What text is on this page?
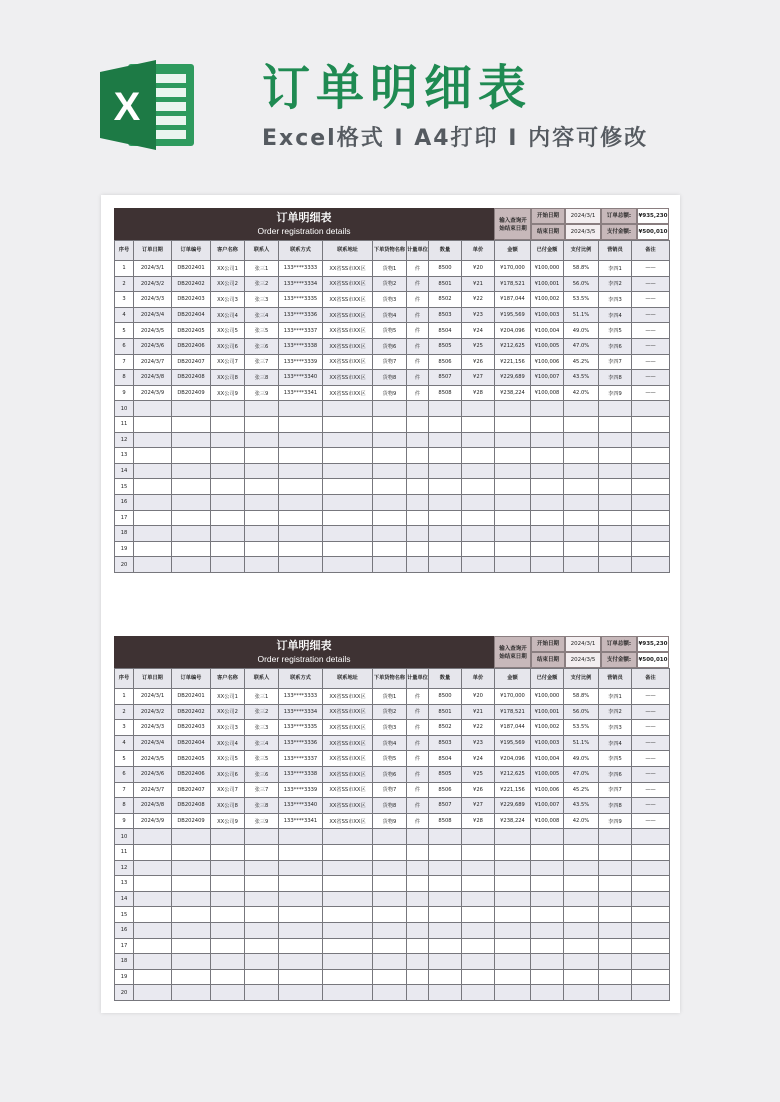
X	订单明细表
Excel格式 I A4打印 I 内容可修改
订单明细表
Order registration details
输入查询开始结束日期
开始日期	2024/3/1	订单总额:	¥935,230
结束日期	2024/3/5	支付金额:	¥500,010
序号	订单日期	订单编号	客户名称	联系人	联系方式	联系地址	下单货物名称	计量单位	数量	单价	金额	已付金额	支付比例	营销员	备注
1	2024/3/1	DB202401	XX公司1	张三1	133****3333	XX省SS市XX区	货物1	件	8500	¥20	¥170,000	¥100,000	58.8%	李四1	——
2	2024/3/2	DB202402	XX公司2	张三2	133****3334	XX省SS市XX区	货物2	件	8501	¥21	¥178,521	¥100,001	56.0%	李四2	——
3	2024/3/3	DB202403	XX公司3	张三3	133****3335	XX省SS市XX区	货物3	件	8502	¥22	¥187,044	¥100,002	53.5%	李四3	——
4	2024/3/4	DB202404	XX公司4	张三4	133****3336	XX省SS市XX区	货物4	件	8503	¥23	¥195,569	¥100,003	51.1%	李四4	——
5	2024/3/5	DB202405	XX公司5	张三5	133****3337	XX省SS市XX区	货物5	件	8504	¥24	¥204,096	¥100,004	49.0%	李四5	——
6	2024/3/6	DB202406	XX公司6	张三6	133****3338	XX省SS市XX区	货物6	件	8505	¥25	¥212,625	¥100,005	47.0%	李四6	——
7	2024/3/7	DB202407	XX公司7	张三7	133****3339	XX省SS市XX区	货物7	件	8506	¥26	¥221,156	¥100,006	45.2%	李四7	——
8	2024/3/8	DB202408	XX公司8	张三8	133****3340	XX省SS市XX区	货物8	件	8507	¥27	¥229,689	¥100,007	43.5%	李四8	——
9	2024/3/9	DB202409	XX公司9	张三9	133****3341	XX省SS市XX区	货物9	件	8508	¥28	¥238,224	¥100,008	42.0%	李四9	——
10															
11															
12															
13															
14															
15															
16															
17															
18															
19															
20															
订单明细表
Order registration details
输入查询开始结束日期
开始日期	2024/3/1	订单总额:	¥935,230
结束日期	2024/3/5	支付金额:	¥500,010
序号	订单日期	订单编号	客户名称	联系人	联系方式	联系地址	下单货物名称	计量单位	数量	单价	金额	已付金额	支付比例	营销员	备注
1	2024/3/1	DB202401	XX公司1	张三1	133****3333	XX省SS市XX区	货物1	件	8500	¥20	¥170,000	¥100,000	58.8%	李四1	——
2	2024/3/2	DB202402	XX公司2	张三2	133****3334	XX省SS市XX区	货物2	件	8501	¥21	¥178,521	¥100,001	56.0%	李四2	——
3	2024/3/3	DB202403	XX公司3	张三3	133****3335	XX省SS市XX区	货物3	件	8502	¥22	¥187,044	¥100,002	53.5%	李四3	——
4	2024/3/4	DB202404	XX公司4	张三4	133****3336	XX省SS市XX区	货物4	件	8503	¥23	¥195,569	¥100,003	51.1%	李四4	——
5	2024/3/5	DB202405	XX公司5	张三5	133****3337	XX省SS市XX区	货物5	件	8504	¥24	¥204,096	¥100,004	49.0%	李四5	——
6	2024/3/6	DB202406	XX公司6	张三6	133****3338	XX省SS市XX区	货物6	件	8505	¥25	¥212,625	¥100,005	47.0%	李四6	——
7	2024/3/7	DB202407	XX公司7	张三7	133****3339	XX省SS市XX区	货物7	件	8506	¥26	¥221,156	¥100,006	45.2%	李四7	——
8	2024/3/8	DB202408	XX公司8	张三8	133****3340	XX省SS市XX区	货物8	件	8507	¥27	¥229,689	¥100,007	43.5%	李四8	——
9	2024/3/9	DB202409	XX公司9	张三9	133****3341	XX省SS市XX区	货物9	件	8508	¥28	¥238,224	¥100,008	42.0%	李四9	——
10															
11															
12															
13															
14															
15															
16															
17															
18															
19															
20															
